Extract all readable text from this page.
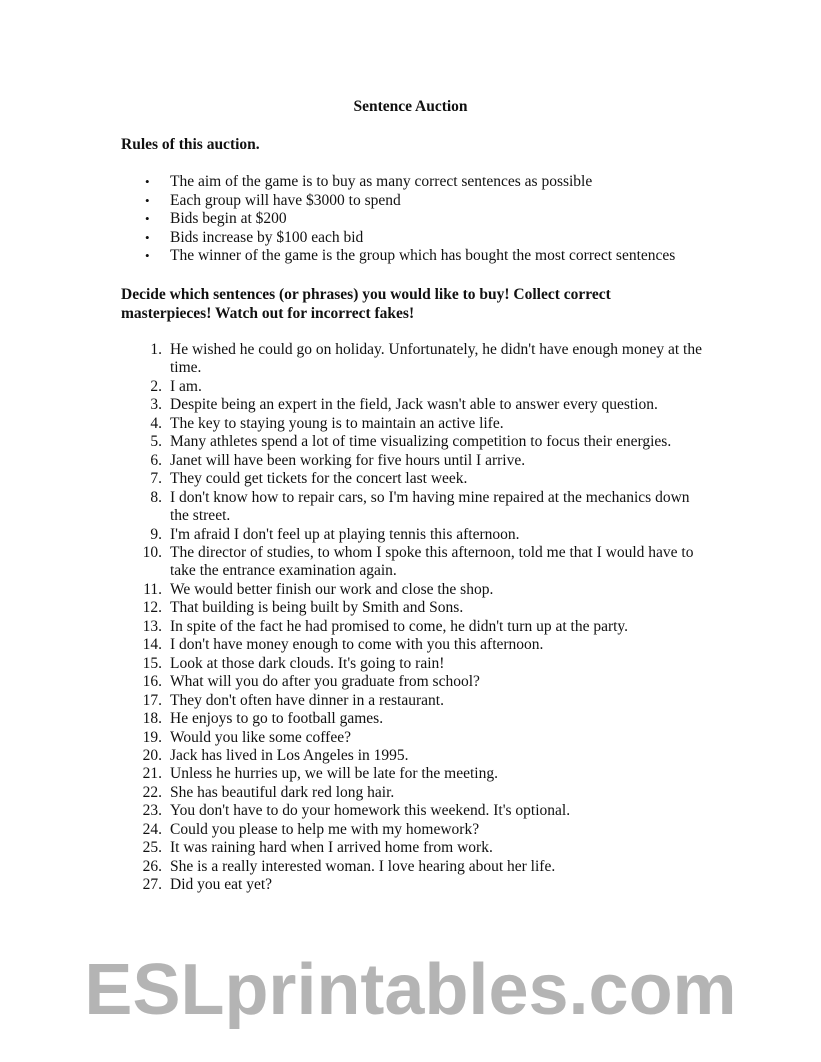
Sentence Auction
Rules of this auction.
• The aim of the game is to buy as many correct sentences as possible
• Each group will have $3000 to spend
• Bids begin at $200
• Bids increase by $100 each bid
• The winner of the game is the group which has bought the most correct sentences
Decide which sentences (or phrases) you would like to buy! Collect correct masterpieces! Watch out for incorrect fakes!
1. He wished he could go on holiday. Unfortunately, he didn't have enough money at the time.
2. I am.
3. Despite being an expert in the field, Jack wasn't able to answer every question.
4. The key to staying young is to maintain an active life.
5. Many athletes spend a lot of time visualizing competition to focus their energies.
6. Janet will have been working for five hours until I arrive.
7. They could get tickets for the concert last week.
8. I don't know how to repair cars, so I'm having mine repaired at the mechanics down the street.
9. I'm afraid I don't feel up at playing tennis this afternoon.
10. The director of studies, to whom I spoke this afternoon, told me that I would have to take the entrance examination again.
11. We would better finish our work and close the shop.
12. That building is being built by Smith and Sons.
13. In spite of the fact he had promised to come, he didn't turn up at the party.
14. I don't have money enough to come with you this afternoon.
15. Look at those dark clouds. It's going to rain!
16. What will you do after you graduate from school?
17. They don't often have dinner in a restaurant.
18. He enjoys to go to football games.
19. Would you like some coffee?
20. Jack has lived in Los Angeles in 1995.
21. Unless he hurries up, we will be late for the meeting.
22. She has beautiful dark red long hair.
23. You don't have to do your homework this weekend. It's optional.
24. Could you please to help me with my homework?
25. It was raining hard when I arrived home from work.
26. She is a really interested woman. I love hearing about her life.
27. Did you eat yet?
ESLprintables.com
